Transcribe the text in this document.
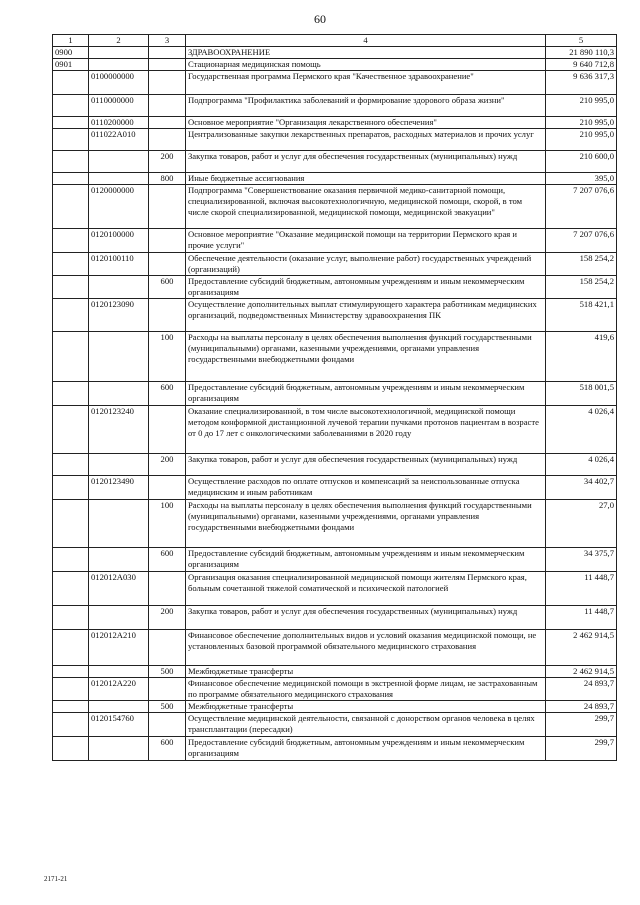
60
1	2	3	4	5
0900			ЗДРАВООХРАНЕНИЕ	21 890 110,3
0901			Стационарная медицинская помощь	9 640 712,8
	0100000000		Государственная программа Пермского края "Качественное здравоохранение"	9 636 317,3
	0110000000		Подпрограмма "Профилактика заболеваний и формирование здорового образа жизни"	210 995,0
	0110200000		Основное мероприятие "Организация лекарственного обеспечения"	210 995,0
	011022А010		Централизованные закупки лекарственных препаратов, расходных материалов и прочих услуг	210 995,0
		200	Закупка товаров, работ и услуг для обеспечения государственных (муниципальных) нужд	210 600,0
		800	Иные бюджетные ассигнования	395,0
	0120000000		Подпрограмма "Совершенствование оказания первичной медико-санитарной помощи, специализированной, включая высокотехнологичную, медицинской помощи, скорой, в том числе скорой специализированной, медицинской помощи, медицинской эвакуации"	7 207 076,6
	0120100000		Основное мероприятие "Оказание медицинской помощи на территории Пермского края и прочие услуги"	7 207 076,6
	0120100110		Обеспечение деятельности (оказание услуг, выполнение работ) государственных учреждений (организаций)	158 254,2
		600	Предоставление субсидий бюджетным, автономным учреждениям и иным некоммерческим организациям	158 254,2
	0120123090		Осуществление дополнительных выплат стимулирующего характера работникам медицинских организаций, подведомственных Министерству здравоохранения ПК	518 421,1
		100	Расходы на выплаты персоналу в целях обеспечения выполнения функций государственными (муниципальными) органами, казенными учреждениями, органами управления государственными внебюджетными фондами	419,6
		600	Предоставление субсидий бюджетным, автономным учреждениям и иным некоммерческим организациям	518 001,5
	0120123240		Оказание специализированной, в том числе высокотехнологичной, медицинской помощи методом конформной дистанционной лучевой терапии пучками протонов пациентам в возрасте от 0 до 17 лет с онкологическими заболеваниями в 2020 году	4 026,4
		200	Закупка товаров, работ и услуг для обеспечения государственных (муниципальных) нужд	4 026,4
	0120123490		Осуществление расходов по оплате отпусков и компенсаций за неиспользованные отпуска медицинским и иным работникам	34 402,7
		100	Расходы на выплаты персоналу в целях обеспечения выполнения функций государственными (муниципальными) органами, казенными учреждениями, органами управления государственными внебюджетными фондами	27,0
		600	Предоставление субсидий бюджетным, автономным учреждениям и иным некоммерческим организациям	34 375,7
	012012А030		Организация оказания специализированной медицинской помощи жителям Пермского края, больным сочетанной тяжелой соматической и психической патологией	11 448,7
		200	Закупка товаров, работ и услуг для обеспечения государственных (муниципальных) нужд	11 448,7
	012012А210		Финансовое обеспечение дополнительных видов и условий оказания медицинской помощи, не установленных базовой программой обязательного медицинского страхования	2 462 914,5
		500	Межбюджетные трансферты	2 462 914,5
	012012А220		Финансовое обеспечение медицинской помощи в экстренной форме лицам, не застрахованным по программе обязательного медицинского страхования	24 893,7
		500	Межбюджетные трансферты	24 893,7
	0120154760		Осуществление медицинской деятельности, связанной с донорством органов человека в целях трансплантации (пересадки)	299,7
		600	Предоставление субсидий бюджетным, автономным учреждениям и иным некоммерческим организациям	299,7
2171-21
